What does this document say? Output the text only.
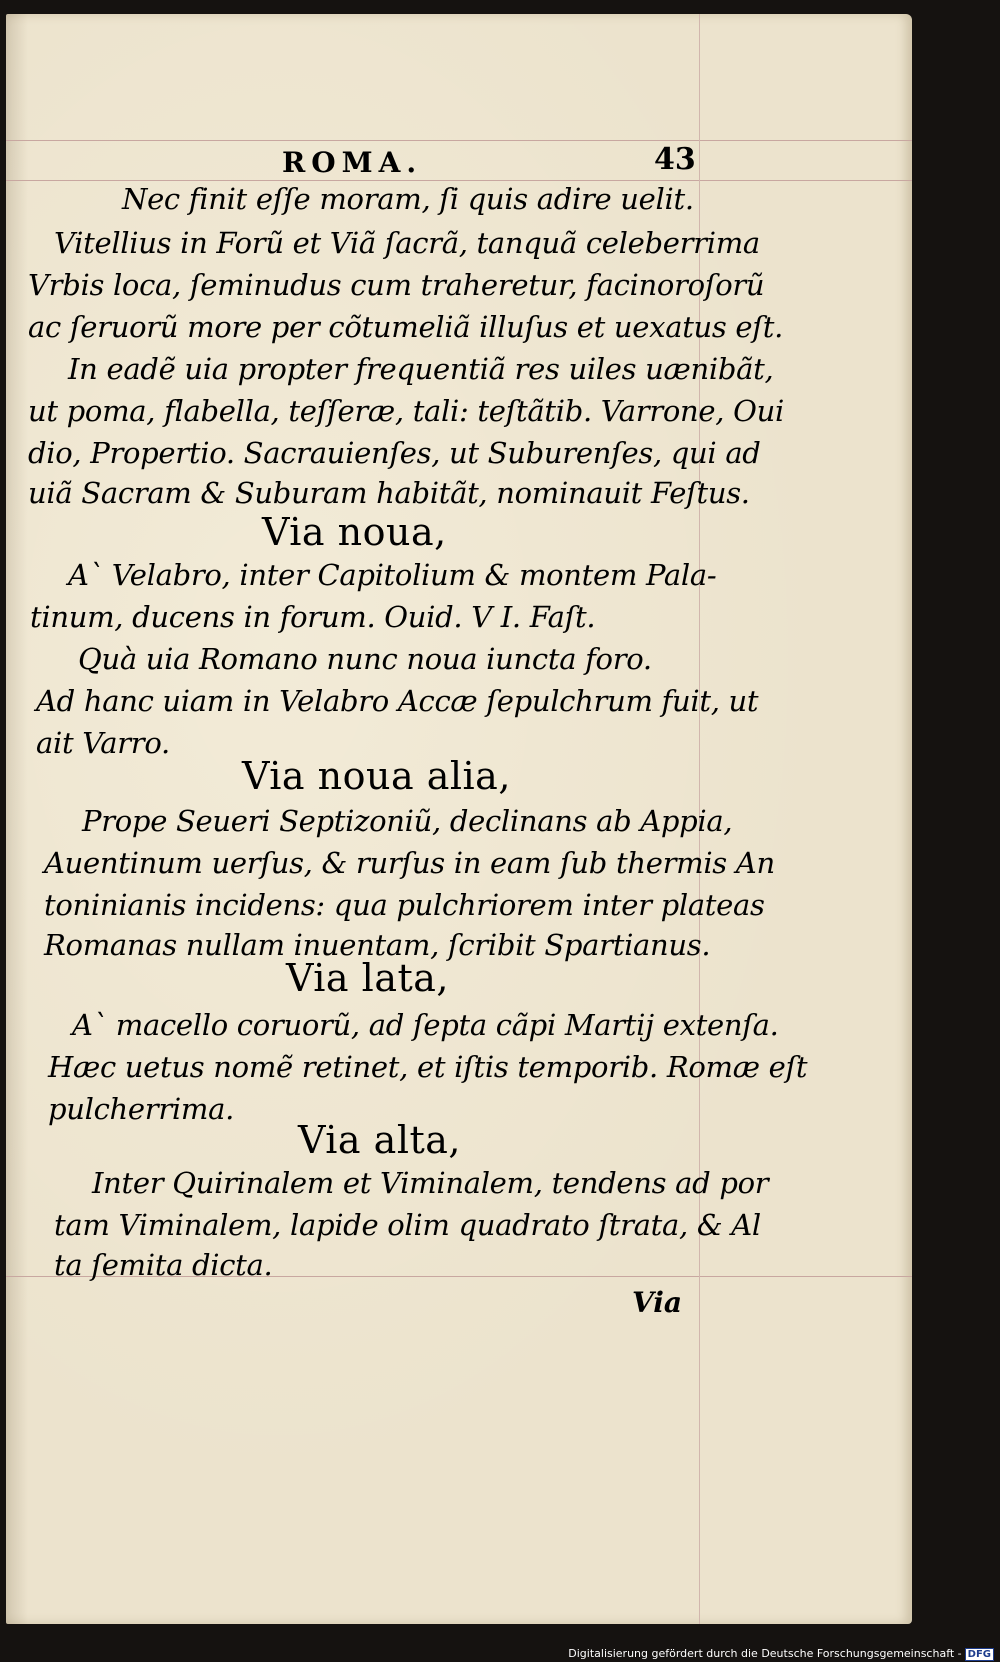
ROMA.	43
Nec finit eſſe moram, ſi quis adire uelit.
Vitellius in Forũ et Viã ſacrã, tanquã celeberrima
Vrbis loca, ſeminudus cum traheretur, facinoroſorũ
ac ſeruorũ more per cõtumeliã illuſus et uexatus eſt.
In eadẽ uia propter frequentiã res uiles uænibãt,
ut poma, flabella, teſſeræ, tali: teſtãtib. Varrone, Oui
dio, Propertio. Sacrauienſes, ut Suburenſes, qui ad
uiã Sacram & Suburam habitãt, nominauit Feſtus.
Via noua,
A` Velabro, inter Capitolium & montem Pala-
tinum, ducens in forum. Ouid. V I. Faſt.
Quà uia Romano nunc noua iuncta foro.
Ad hanc uiam in Velabro Accæ ſepulchrum fuit, ut
ait Varro.
Via noua alia,
Prope Seueri Septizoniũ, declinans ab Appia,
Auentinum uerſus, & rurſus in eam ſub thermis An
toninianis incidens: qua pulchriorem inter plateas
Romanas nullam inuentam, ſcribit Spartianus.
Via lata,
A` macello coruorũ, ad ſepta cãpi Martij extenſa.
Hæc uetus nomẽ retinet, et iſtis temporib. Romæ eſt
pulcherrima.
Via alta,
Inter Quirinalem et Viminalem, tendens ad por
tam Viminalem, lapide olim quadrato ſtrata, & Al
ta ſemita dicta.
Via
Digitalisierung gefördert durch die Deutsche Forschungsgemeinschaft - DFG
